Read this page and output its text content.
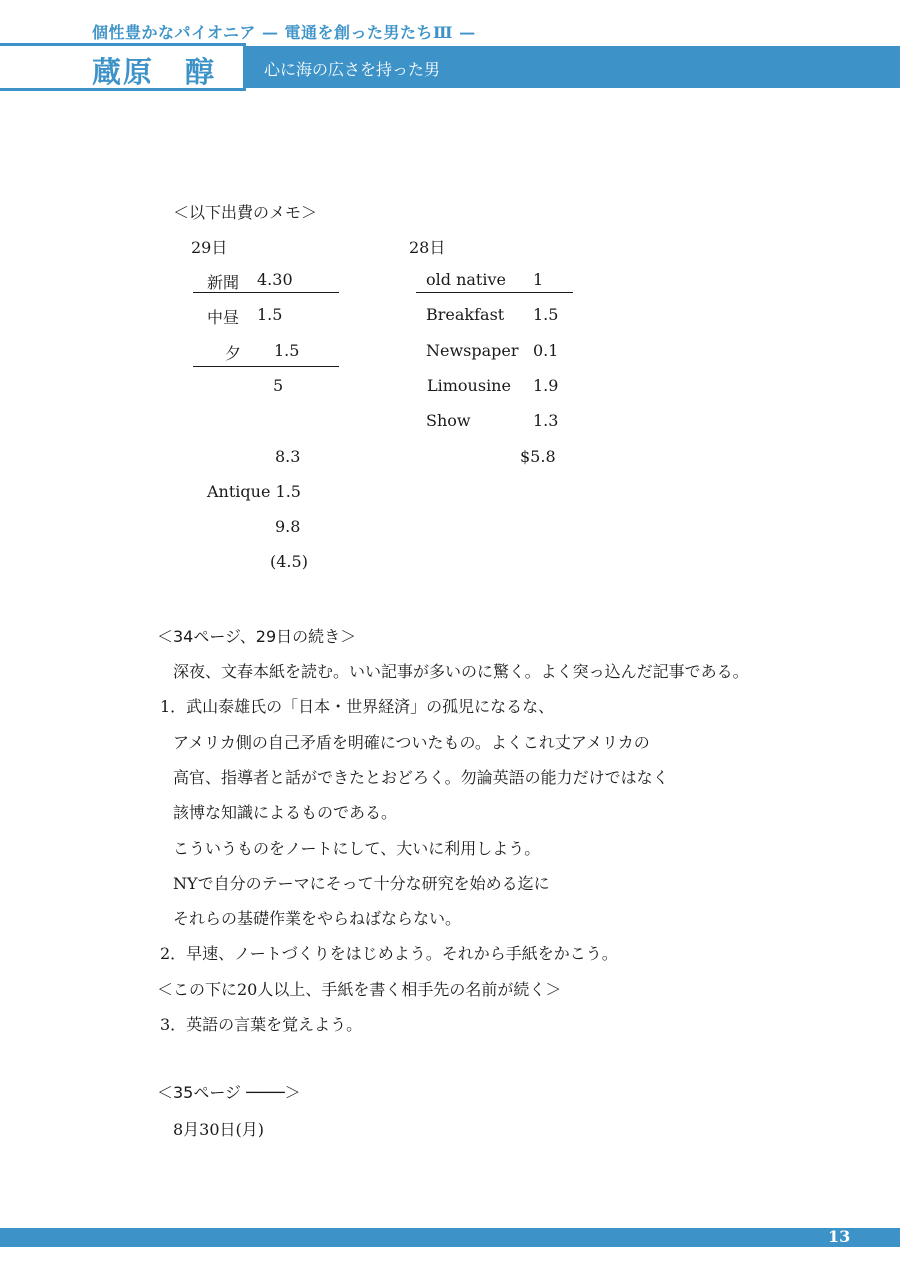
個性豊かなパイオニア — 電通を創った男たちⅢ —
蔵原　醇	心に海の広さを持った男
＜以下出費のメモ＞
29日
新聞 4.30
中昼 1.5
夕 1.5
5
8.3
Antique 1.5
9.8
(4.5)
28日
old native 1
Breakfast 1.5
Newspaper 0.1
Limousine 1.9
Show	1.3
$5.8
＜34ページ、29日の続き＞
深夜、文春本紙を読む。いい記事が多いのに驚く。よく突っ込んだ記事である。
1．武山泰雄氏の「日本・世界経済」の孤児になるな、
アメリカ側の自己矛盾を明確についたもの。よくこれ丈アメリカの
高官、指導者と話ができたとおどろく。勿論英語の能力だけではなく
該博な知識によるものである。
こういうものをノートにして、大いに利用しよう。
NYで自分のテーマにそって十分な研究を始める迄に
それらの基礎作業をやらねばならない。
2．早速、ノートづくりをはじめよう。それから手紙をかこう。
＜この下に20人以上、手紙を書く相手先の名前が続く＞
3．英語の言葉を覚えよう。
＜35ページ ────＞
8月30日(月)
13
